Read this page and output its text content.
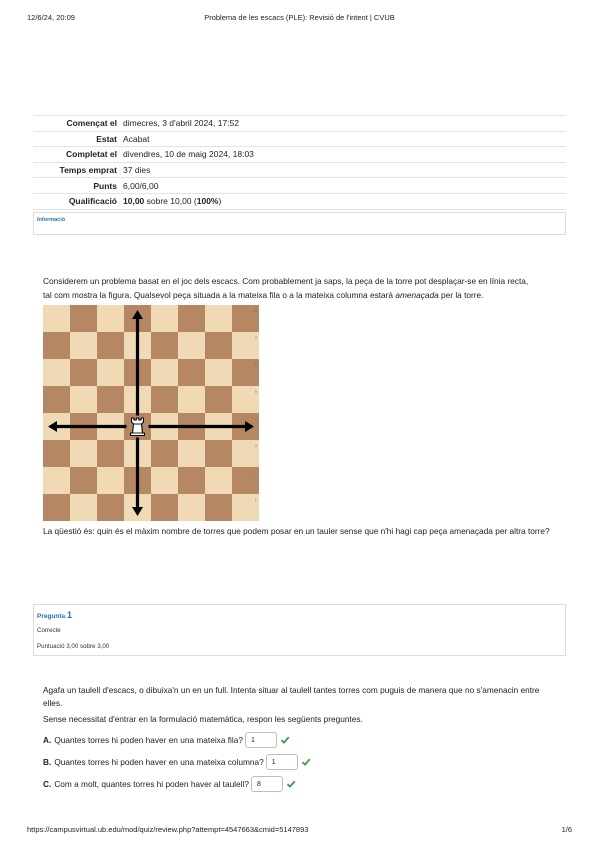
12/6/24, 20:09	Problema de les escacs (PLE): Revisió de l'intent | CVUB
Començat el	dimecres, 3 d'abril 2024, 17:52
Estat	Acabat
Completat el	divendres, 10 de maig 2024, 18:03
Temps emprat	37 dies
Punts	6,00/6,00
Qualificació	10,00 sobre 10,00 (100%)
Informació

Considerem un problema basat en el joc dels escacs. Com probablement ja saps, la peça de la torre pot desplaçar-se en línia recta,

tal com mostra la figura. Qualsevol peça situada a la mateixa fila o a la mateixa columna estarà amenaçada per la torre.

8
7
6
5
4
3
2
1
La qüestió és: quin és el màxim nombre de torres que podem posar en un tauler sense que n'hi hagi cap peça amenaçada per altra torre?
Pregunta 1
Correcte
Puntuació 3,00 sobre 3,00

Agafa un taulell d'escacs, o dibuixa'n un en un full. Intenta situar al taulell tantes torres com puguis de manera que no s'amenacin entre elles.

Sense necessitat d'entrar en la formulació matemàtica, respon les següents preguntes.

A. Quantes torres hi poden haver en una mateixa fila?	1
B. Quantes torres hi poden haver en una mateixa columna?	1
C. Com a molt, quantes torres hi poden haver al taulell?	8
https://campusvirtual.ub.edu/mod/quiz/review.php?attempt=4547663&cmid=5147893	1/6
